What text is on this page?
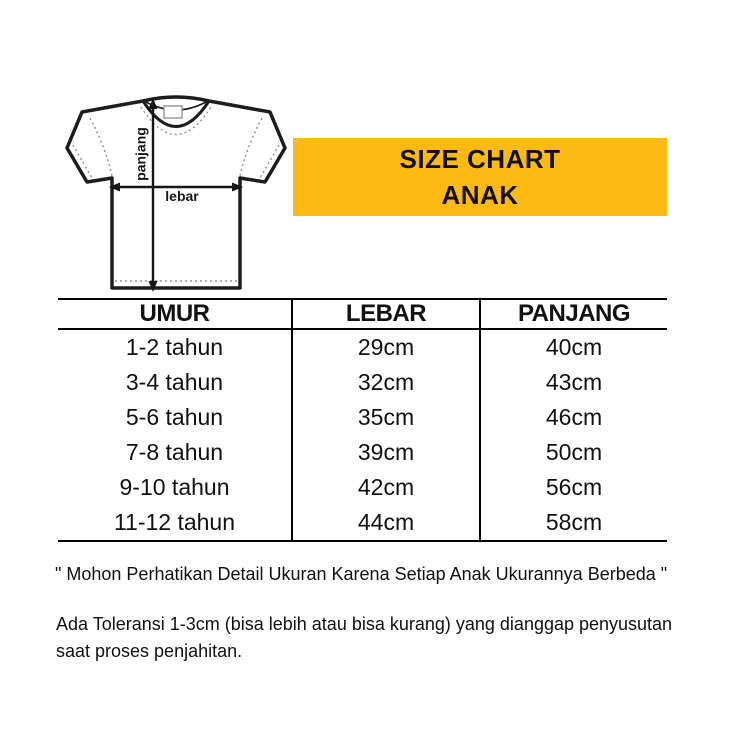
panjang
lebar
SIZE CHART
ANAK
UMUR	LEBAR	PANJANG
1-2 tahun	29cm	40cm
3-4 tahun	32cm	43cm
5-6 tahun	35cm	46cm
7-8 tahun	39cm	50cm
9-10 tahun	42cm	56cm
11-12 tahun	44cm	58cm
" Mohon Perhatikan Detail Ukuran Karena Setiap Anak Ukurannya Berbeda "
Ada Toleransi 1-3cm (bisa lebih atau bisa kurang) yang dianggap penyusutan
saat proses penjahitan.
